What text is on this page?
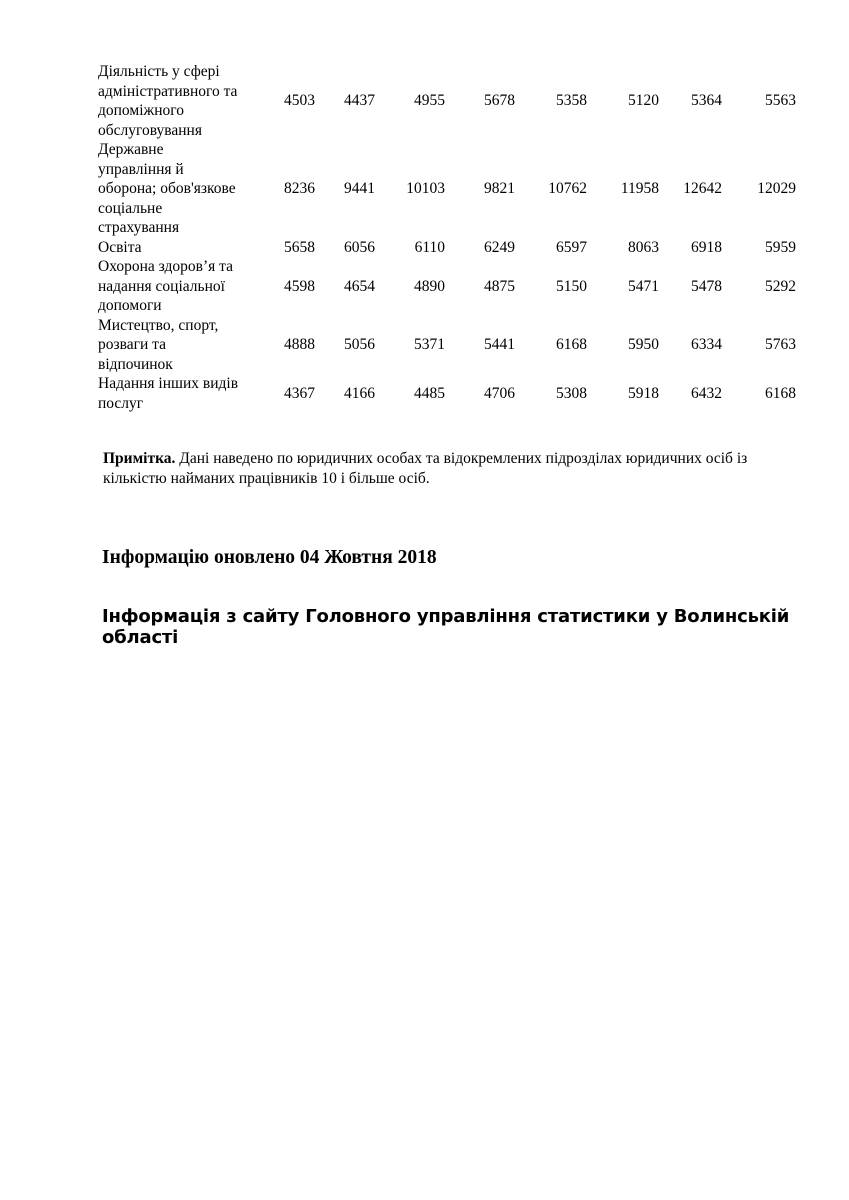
Діяльність у сфері
адміністративного та
допоміжного
обслуговування	4503	4437	4955	5678	5358	5120	5364	5563

Державне
управління й
оборона; обов'язкове
соціальне
страхування	8236	9441	10103	9821	10762	11958	12642	12029

Освіта	5658	6056	6110	6249	6597	8063	6918	5959

Охорона здоров’я та
надання соціальної
допомоги	4598	4654	4890	4875	5150	5471	5478	5292

Мистецтво, спорт,
розваги та
відпочинок	4888	5056	5371	5441	6168	5950	6334	5763

Надання інших видів
послуг	4367	4166	4485	4706	5308	5918	6432	6168
Примітка. Дані наведено по юридичних особах та відокремлених підрозділах юридичних осіб із кількістю найманих працівників 10 і більше осіб.
Інформацію оновлено 04 Жовтня 2018
Інформація з сайту Головного управління статистики у Волинській області
